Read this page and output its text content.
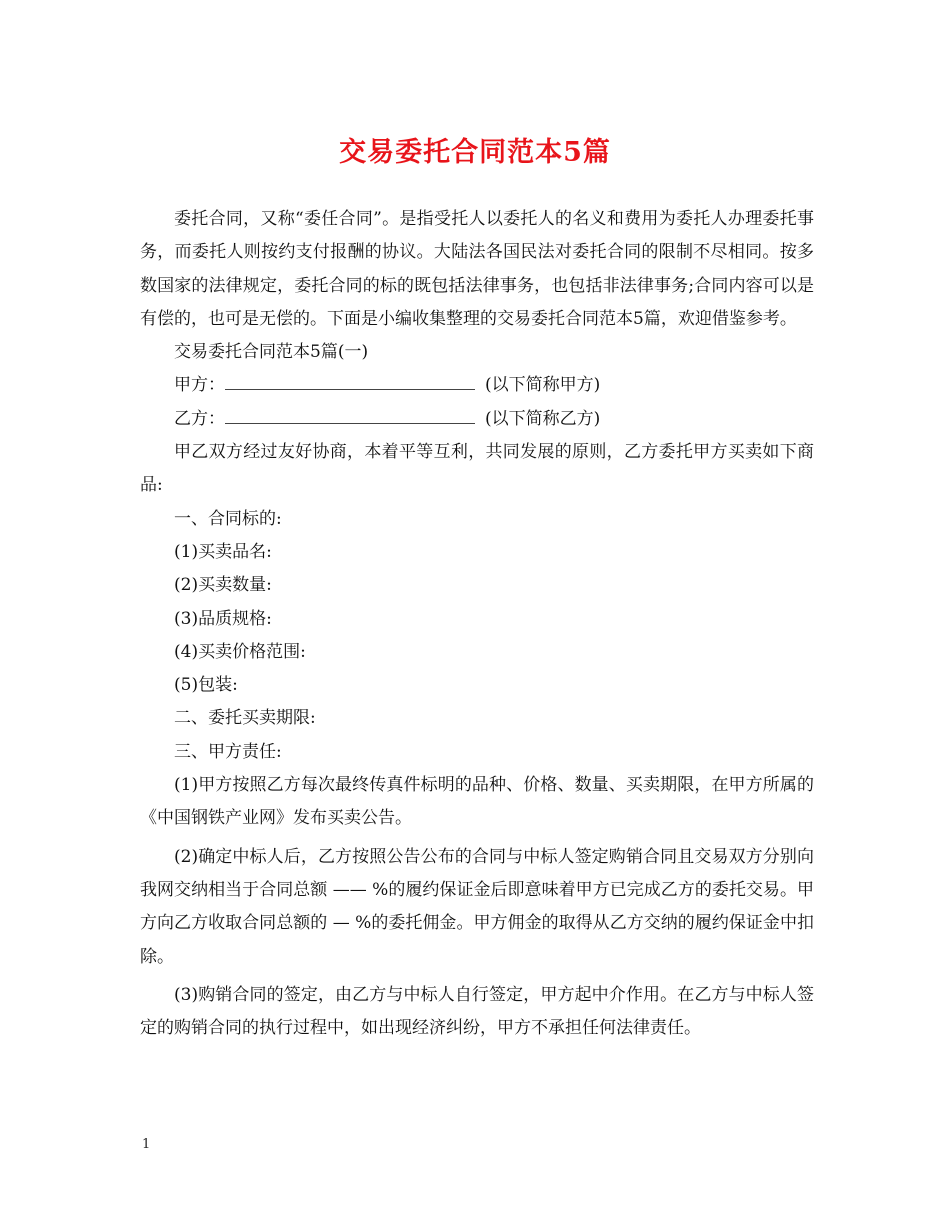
交易委托合同范本5篇

委托合同，又称“委任合同”。是指受托人以委托人的名义和费用为委托人办理委托事务，而委托人则按约支付报酬的协议。大陆法各国民法对委托合同的限制不尽相同。按多数国家的法律规定，委托合同的标的既包括法律事务，也包括非法律事务;合同内容可以是有偿的，也可是无偿的。下面是小编收集整理的交易委托合同范本5篇，欢迎借鉴参考。

交易委托合同范本5篇(一)

甲方：	(以下简称甲方)
乙方：	(以下简称乙方)

甲乙双方经过友好协商，本着平等互利，共同发展的原则，乙方委托甲方买卖如下商品:

一、合同标的:

(1)买卖品名:

(2)买卖数量:

(3)品质规格:

(4)买卖价格范围:

(5)包装:

二、委托买卖期限:

三、甲方责任:

(1)甲方按照乙方每次最终传真件标明的品种、价格、数量、买卖期限，在甲方所属的《中国钢铁产业网》发布买卖公告。

(2)确定中标人后，乙方按照公告公布的合同与中标人签定购销合同且交易双方分别向我网交纳相当于合同总额 —— %的履约保证金后即意味着甲方已完成乙方的委托交易。甲方向乙方收取合同总额的 — %的委托佣金。甲方佣金的取得从乙方交纳的履约保证金中扣除。

(3)购销合同的签定，由乙方与中标人自行签定，甲方起中介作用。在乙方与中标人签定的购销合同的执行过程中，如出现经济纠纷，甲方不承担任何法律责任。

1
